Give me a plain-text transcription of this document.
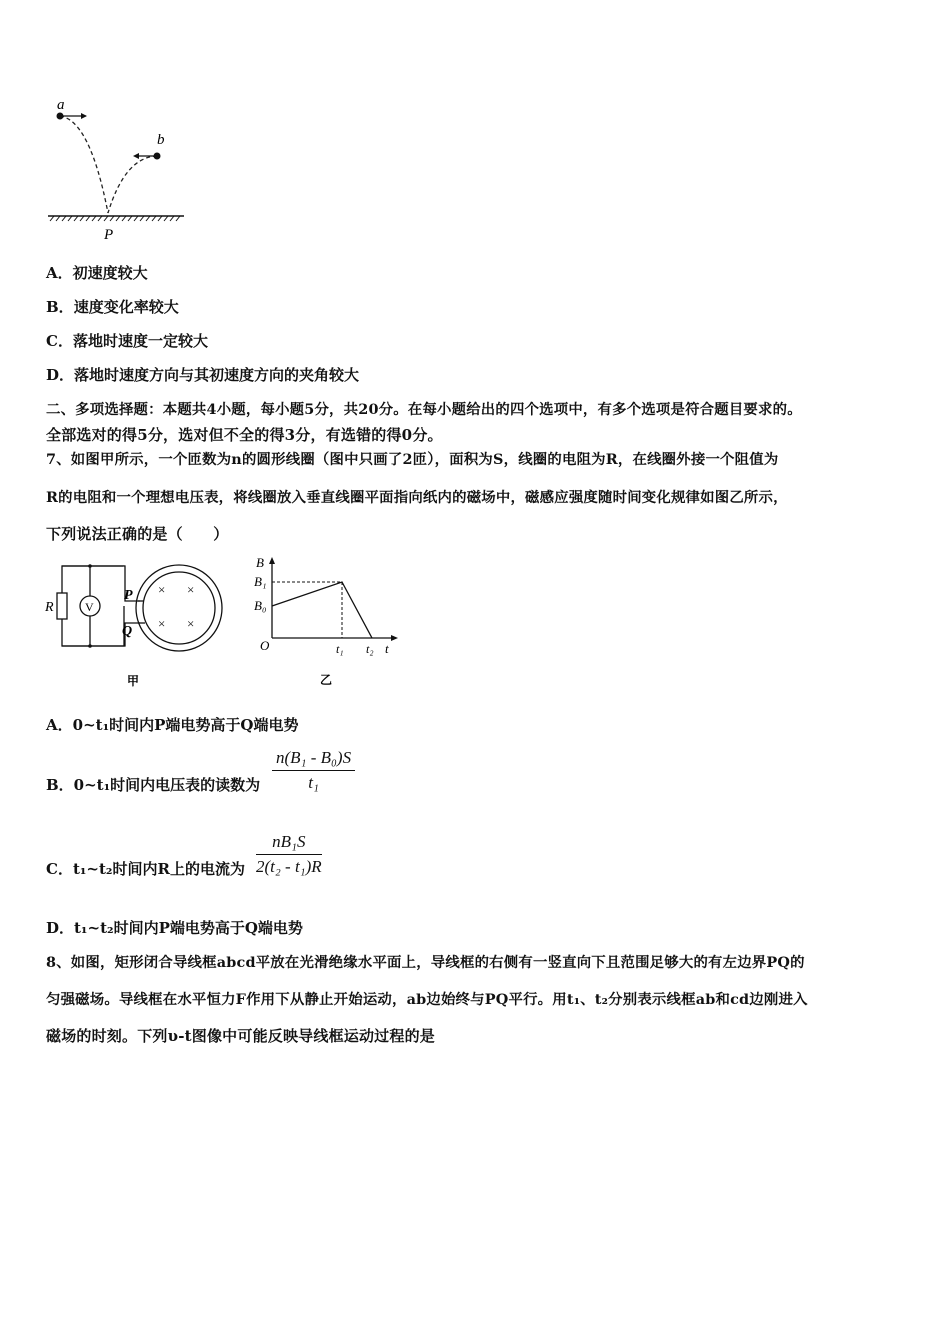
a
b
P
A．初速度较大
B．速度变化率较大
C．落地时速度一定较大
D．落地时速度方向与其初速度方向的夹角较大
二、多项选择题：本题共4小题，每小题5分，共20分。在每小题给出的四个选项中，有多个选项是符合题目要求的。
全部选对的得5分，选对但不全的得3分，有选错的得0分。
7、如图甲所示，一个匝数为n的圆形线圈（图中只画了2匝），面积为S，线圈的电阻为R，在线圈外接一个阻值为
R的电阻和一个理想电压表，将线圈放入垂直线圈平面指向纸内的磁场中，磁感应强度随时间变化规律如图乙所示，
下列说法正确的是（　　）
× ×
× ×
R	V
P
Q
甲
B
B₁
B₀
O	t₁ t₂ t
乙
A．0~t₁时间内P端电势高于Q端电势
B．0~t₁时间内电压表的读数为 $\frac{\text{n(B₁ - B₀)S}}{\text{t₁}}$
C．t₁~t₂时间内R上的电流为 $\frac{\text{nB₁S}}{\text{2(t₂ - t₁)R}}$
D．t₁~t₂时间内P端电势高于Q端电势
8、如图，矩形闭合导线框abcd平放在光滑绝缘水平面上，导线框的右侧有一竖直向下且范围足够大的有左边界PQ的
匀强磁场。导线框在水平恒力F作用下从静止开始运动，ab边始终与PQ平行。用t₁、t₂分别表示线框ab和cd边刚进入
磁场的时刻。下列υ-t图像中可能反映导线框运动过程的是
